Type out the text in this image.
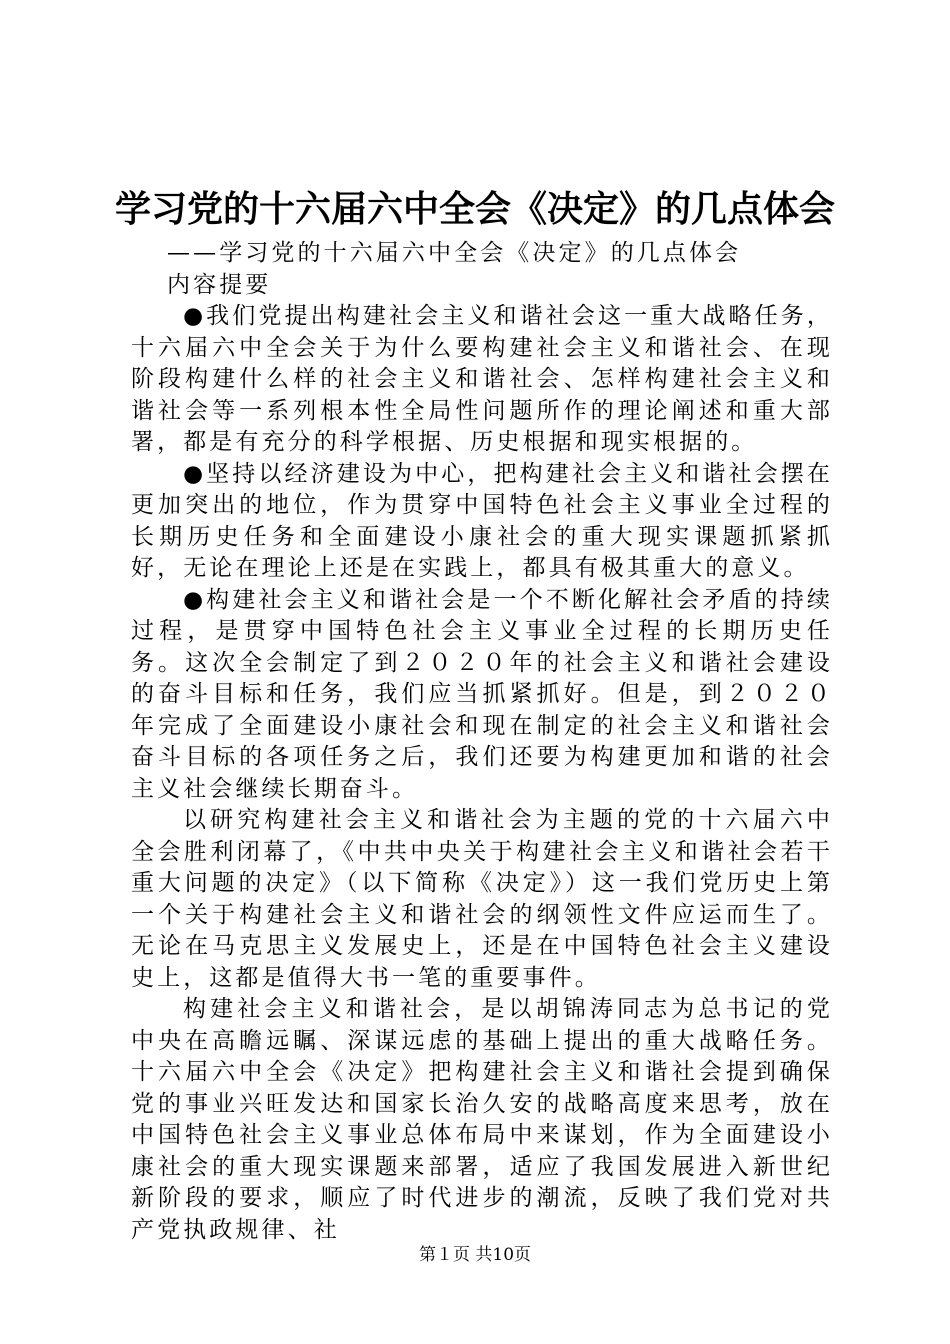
学习党的十六届六中全会《决定》的几点体会

——学习党的十六届六中全会《决定》的几点体会

内容提要

●我们党提出构建社会主义和谐社会这一重大战略任务，十六届六中全会关于为什么要构建社会主义和谐社会、在现阶段构建什么样的社会主义和谐社会、怎样构建社会主义和谐社会等一系列根本性全局性问题所作的理论阐述和重大部署，都是有充分的科学根据、历史根据和现实根据的。

●坚持以经济建设为中心，把构建社会主义和谐社会摆在更加突出的地位，作为贯穿中国特色社会主义事业全过程的长期历史任务和全面建设小康社会的重大现实课题抓紧抓好，无论在理论上还是在实践上，都具有极其重大的意义。

●构建社会主义和谐社会是一个不断化解社会矛盾的持续过程，是贯穿中国特色社会主义事业全过程的长期历史任务。这次全会制定了到２０２０年的社会主义和谐社会建设的奋斗目标和任务，我们应当抓紧抓好。但是，到２０２０年完成了全面建设小康社会和现在制定的社会主义和谐社会奋斗目标的各项任务之后，我们还要为构建更加和谐的社会主义社会继续长期奋斗。

以研究构建社会主义和谐社会为主题的党的十六届六中全会胜利闭幕了，《中共中央关于构建社会主义和谐社会若干重大问题的决定》（以下简称《决定》）这一我们党历史上第一个关于构建社会主义和谐社会的纲领性文件应运而生了。无论在马克思主义发展史上，还是在中国特色社会主义建设史上，这都是值得大书一笔的重要事件。

构建社会主义和谐社会，是以胡锦涛同志为总书记的党中央在高瞻远瞩、深谋远虑的基础上提出的重大战略任务。十六届六中全会《决定》把构建社会主义和谐社会提到确保党的事业兴旺发达和国家长治久安的战略高度来思考，放在中国特色社会主义事业总体布局中来谋划，作为全面建设小康社会的重大现实课题来部署，适应了我国发展进入新世纪新阶段的要求，顺应了时代进步的潮流，反映了我们党对共产党执政规律、社

第１页 共10页
